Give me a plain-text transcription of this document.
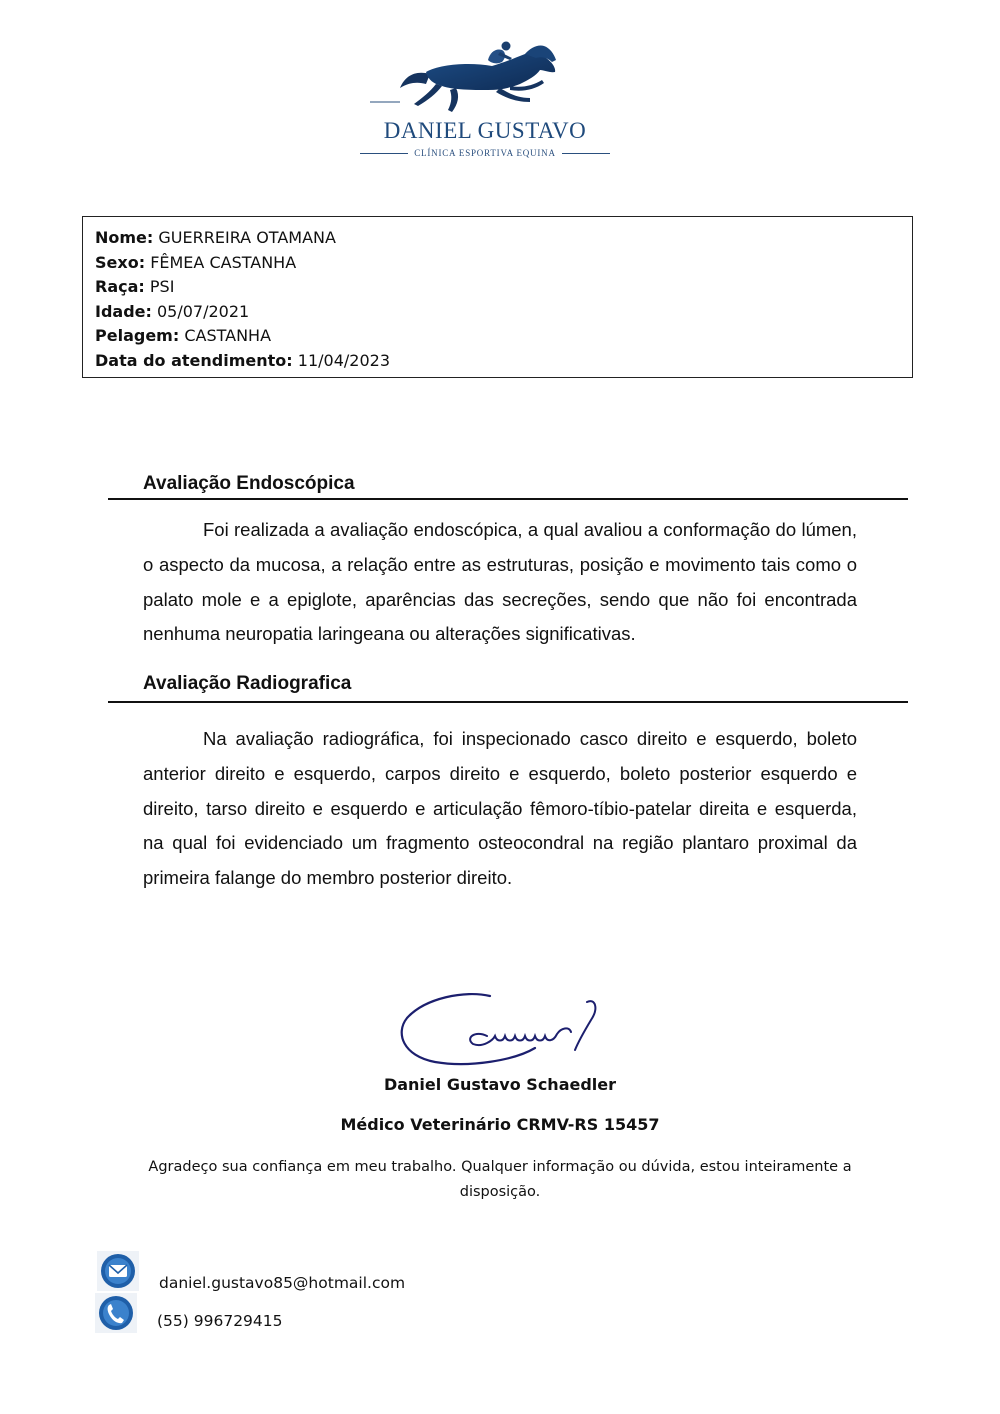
DANIEL GUSTAVO
CLÍNICA ESPORTIVA EQUINA
Nome: GUERREIRA OTAMANA
Sexo: FÊMEA CASTANHA
Raça: PSI
Idade: 05/07/2021
Pelagem: CASTANHA
Data do atendimento: 11/04/2023
Avaliação Endoscópica

Foi realizada a avaliação endoscópica, a qual avaliou a conformação do lúmen, o aspecto da mucosa, a relação entre as estruturas, posição e movimento tais como o palato mole e a epiglote, aparências das secreções, sendo que não foi encontrada nenhuma neuropatia laringeana ou alterações significativas.

Avaliação Radiografica

Na avaliação radiográfica, foi inspecionado casco direito e esquerdo, boleto anterior direito e esquerdo, carpos direito e esquerdo, boleto posterior esquerdo e direito, tarso direito e esquerdo e articulação fêmoro-tíbio-patelar direita e esquerda, na qual foi evidenciado um fragmento osteocondral na região plantaro proximal da primeira falange do membro posterior direito.

Daniel Gustavo Schaedler
Médico Veterinário CRMV-RS 15457
Agradeço sua confiança em meu trabalho. Qualquer informação ou dúvida, estou inteiramente a disposição.
daniel.gustavo85@hotmail.com
(55) 996729415
